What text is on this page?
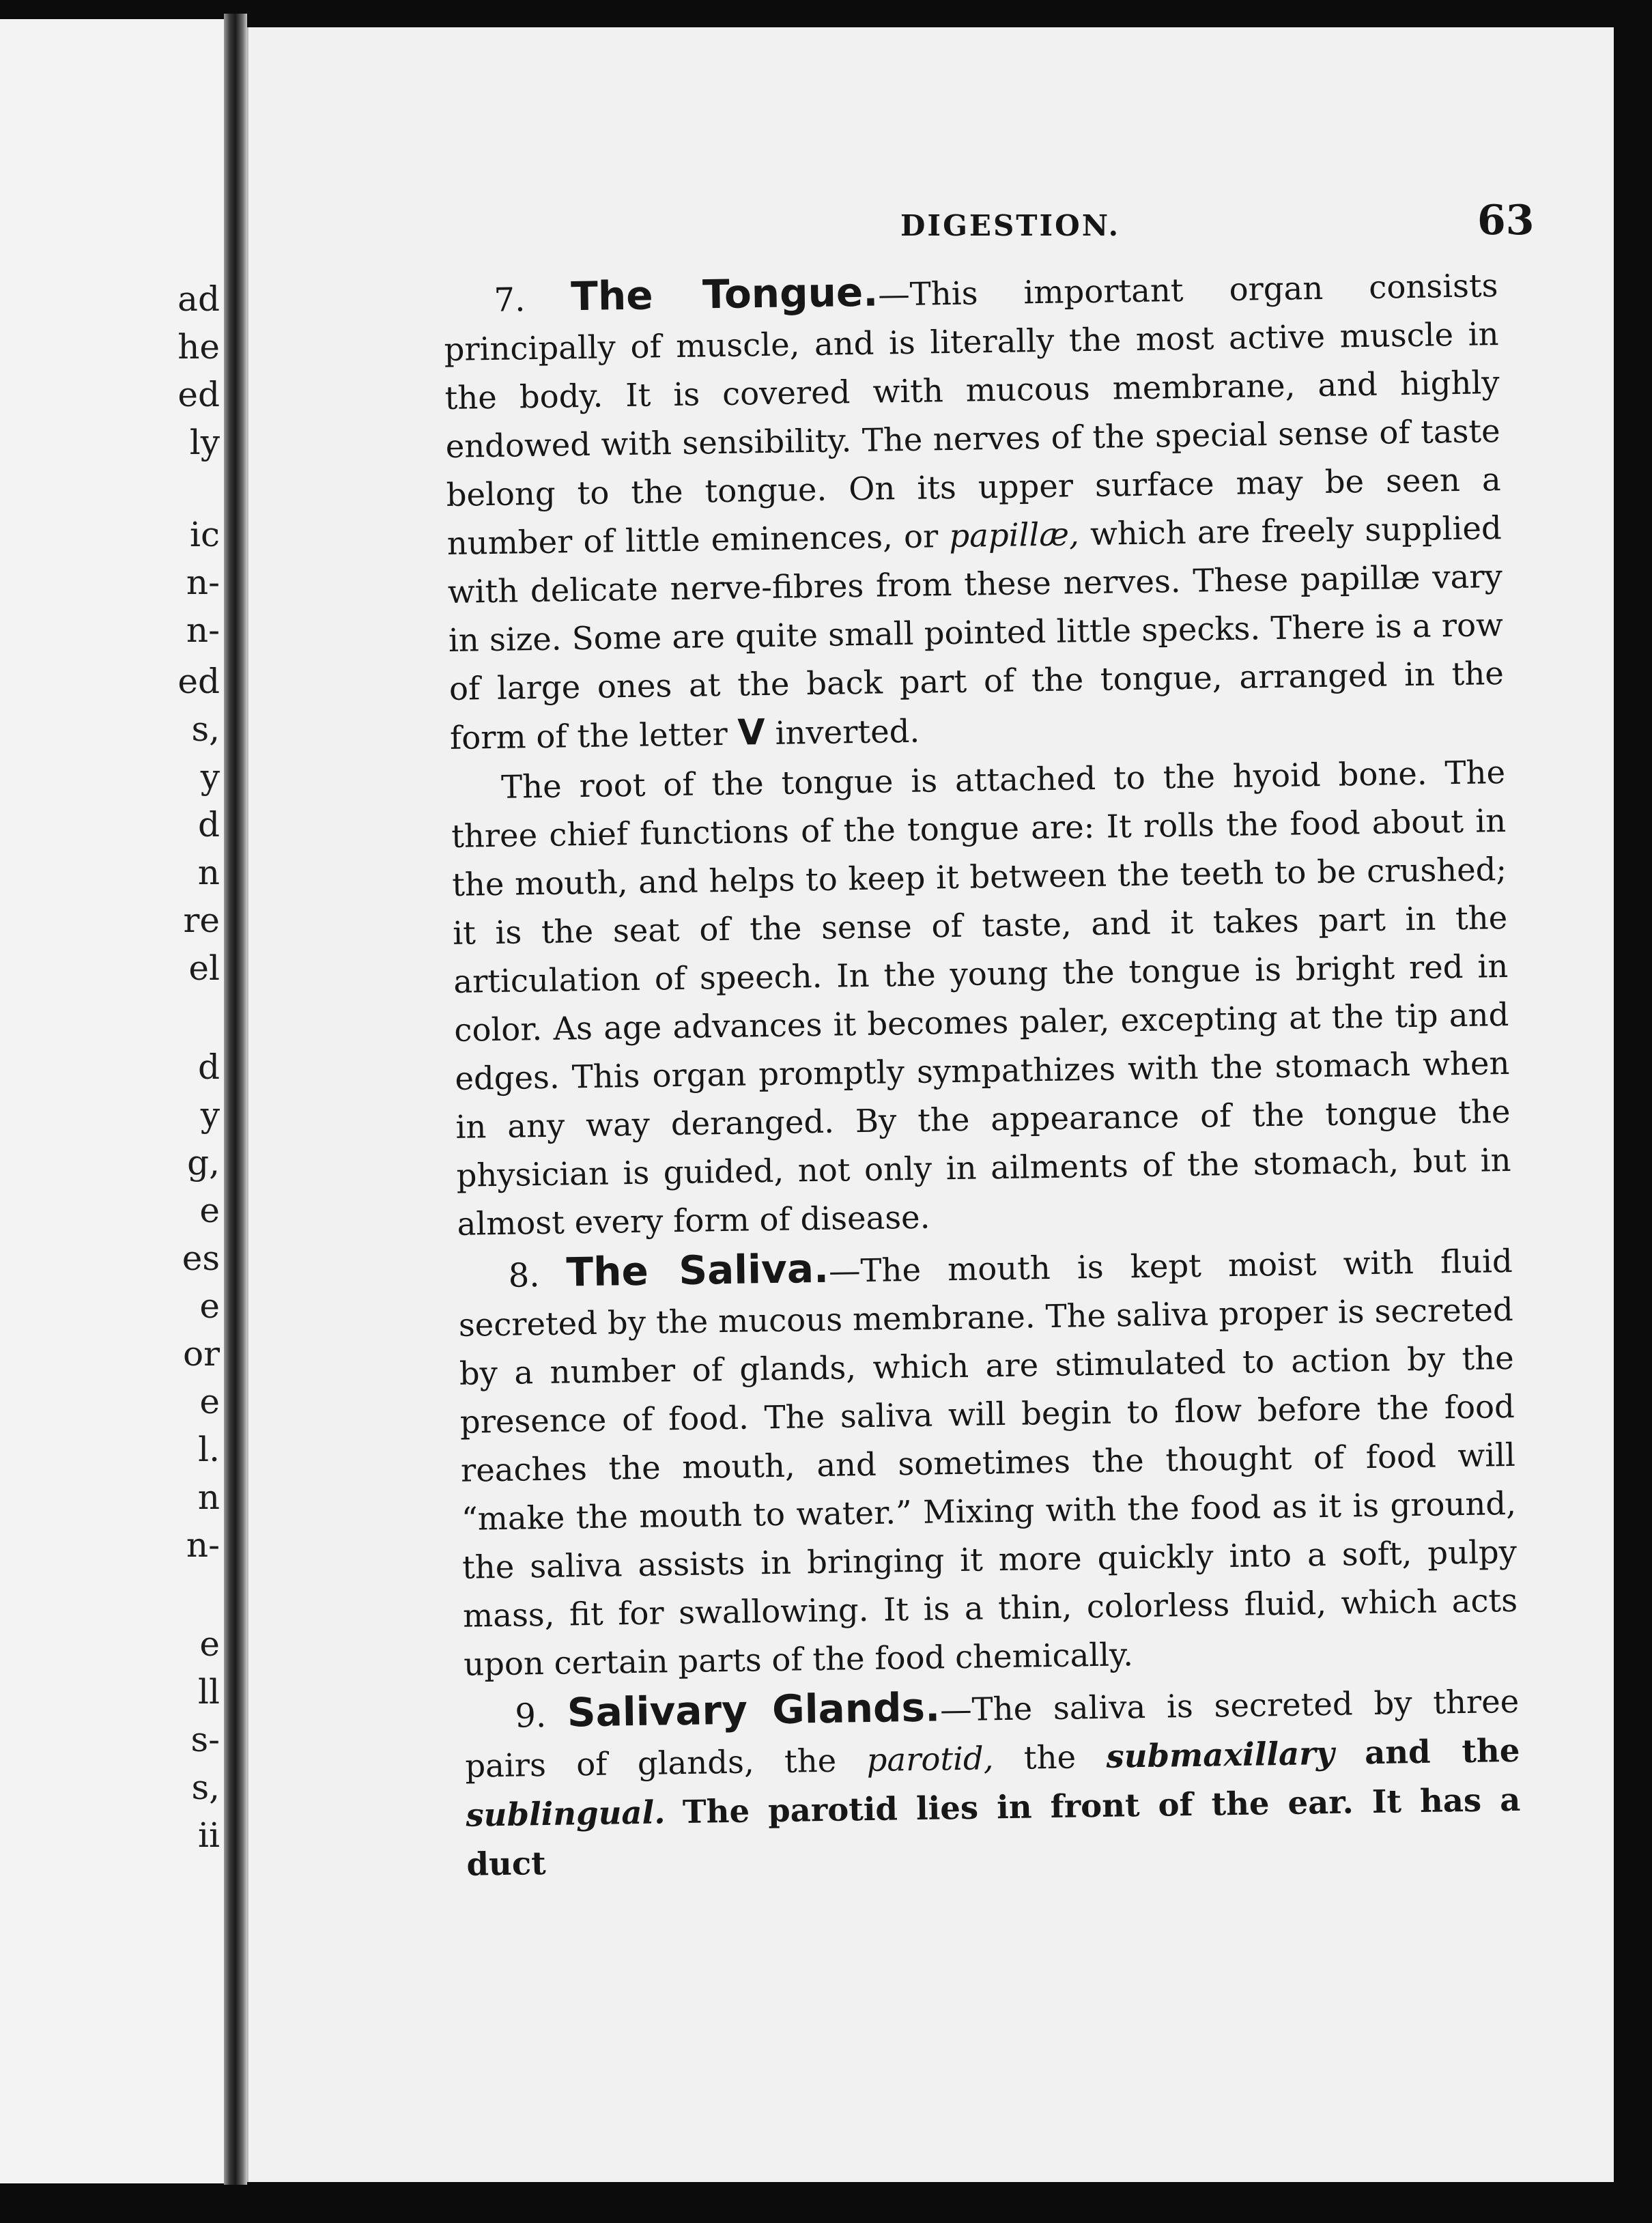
ad
he
ed
ly
ic
n-
n-
ed
s,
y
d
n
re
el
d
y
g,
e
es
e
or
e
l.
n
n-
e
ll
s-
s,
ii
DIGESTION.	63

7. The Tongue.—This important organ consists principally of muscle, and is literally the most active muscle in the body. It is covered with mucous membrane, and highly endowed with sensibility. The nerves of the special sense of taste belong to the tongue. On its upper surface may be seen a number of little eminences, or papillæ, which are freely supplied with delicate nerve-fibres from these nerves. These papillæ vary in size. Some are quite small pointed little specks. There is a row of large ones at the back part of the tongue, arranged in the form of the letter V inverted.

The root of the tongue is attached to the hyoid bone. The three chief functions of the tongue are: It rolls the food about in the mouth, and helps to keep it between the teeth to be crushed; it is the seat of the sense of taste, and it takes part in the articulation of speech. In the young the tongue is bright red in color. As age advances it becomes paler, excepting at the tip and edges. This organ promptly sympathizes with the stomach when in any way deranged. By the appearance of the tongue the physician is guided, not only in ailments of the stomach, but in almost every form of disease.

8. The Saliva.—The mouth is kept moist with fluid secreted by the mucous membrane. The saliva proper is secreted by a number of glands, which are stimulated to action by the presence of food. The saliva will begin to flow before the food reaches the mouth, and sometimes the thought of food will “make the mouth to water.” Mixing with the food as it is ground, the saliva assists in bringing it more quickly into a soft, pulpy mass, fit for swallowing. It is a thin, colorless fluid, which acts upon certain parts of the food chemically.

9. Salivary Glands.—The saliva is secreted by three pairs of glands, the parotid, the submaxillary and the sublingual. The parotid lies in front of the ear. It has a duct
